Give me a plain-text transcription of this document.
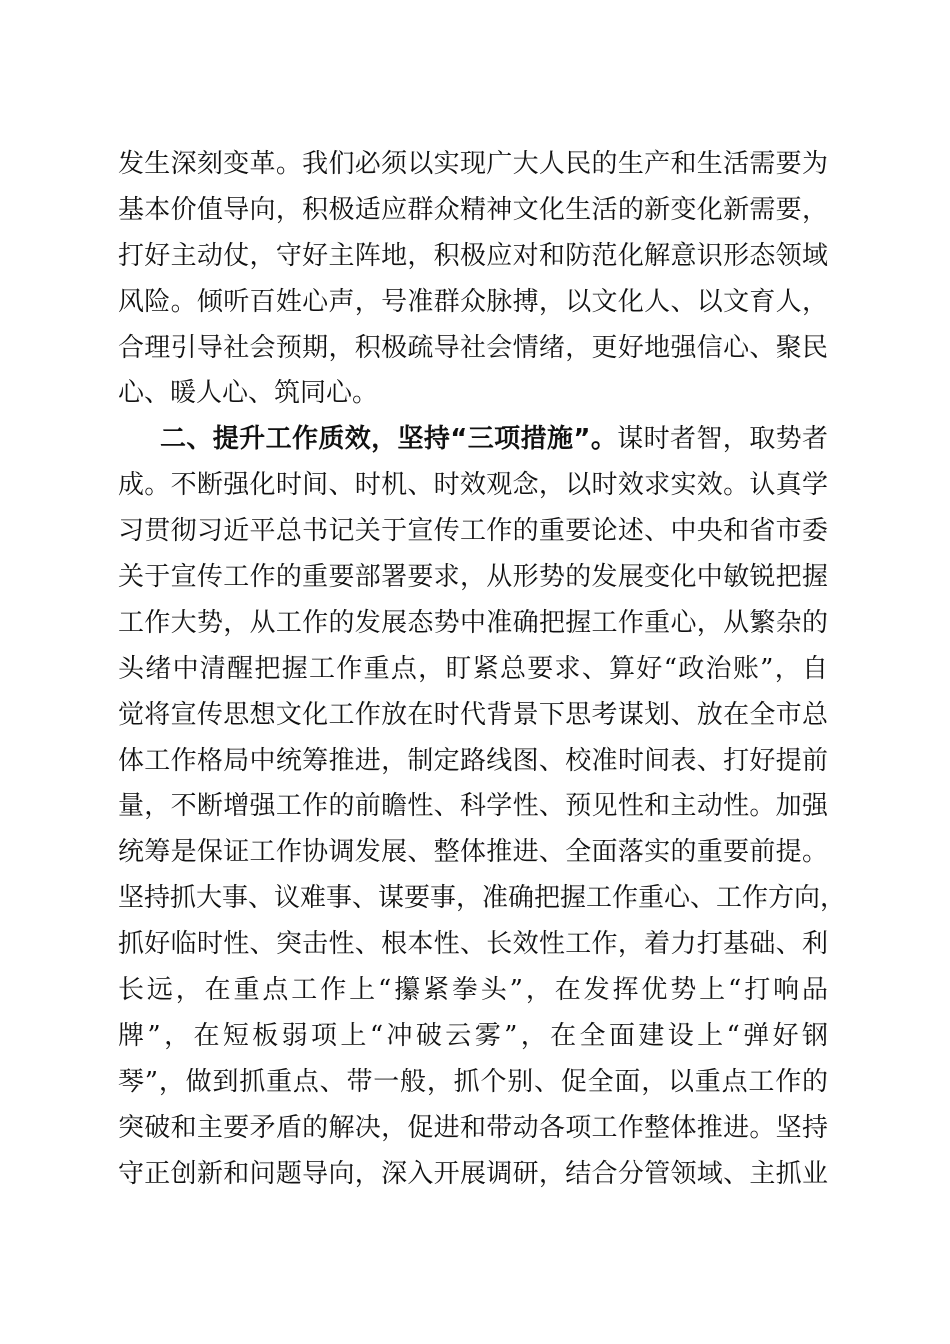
发生深刻变革。我们必须以实现广大人民的生产和生活需要为
基本价值导向，积极适应群众精神文化生活的新变化新需要，
打好主动仗，守好主阵地，积极应对和防范化解意识形态领域
风险。倾听百姓心声，号准群众脉搏，以文化人、以文育人，
合理引导社会预期，积极疏导社会情绪，更好地强信心、聚民
心、暖人心、筑同心。
二、提升工作质效，坚持“三项措施”。谋时者智，取势者
成。不断强化时间、时机、时效观念，以时效求实效。认真学
习贯彻习近平总书记关于宣传工作的重要论述、中央和省市委
关于宣传工作的重要部署要求，从形势的发展变化中敏锐把握
工作大势，从工作的发展态势中准确把握工作重心，从繁杂的
头绪中清醒把握工作重点，盯紧总要求、算好“政治账”，自
觉将宣传思想文化工作放在时代背景下思考谋划、放在全市总
体工作格局中统筹推进，制定路线图、校准时间表、打好提前
量，不断增强工作的前瞻性、科学性、预见性和主动性。加强
统筹是保证工作协调发展、整体推进、全面落实的重要前提。
坚持抓大事、议难事、谋要事，准确把握工作重心、工作方向，
抓好临时性、突击性、根本性、长效性工作，着力打基础、利
长远，在重点工作上“攥紧拳头”，在发挥优势上“打响品
牌”，在短板弱项上“冲破云雾”，在全面建设上“弹好钢
琴”，做到抓重点、带一般，抓个别、促全面，以重点工作的
突破和主要矛盾的解决，促进和带动各项工作整体推进。坚持
守正创新和问题导向，深入开展调研，结合分管领域、主抓业
